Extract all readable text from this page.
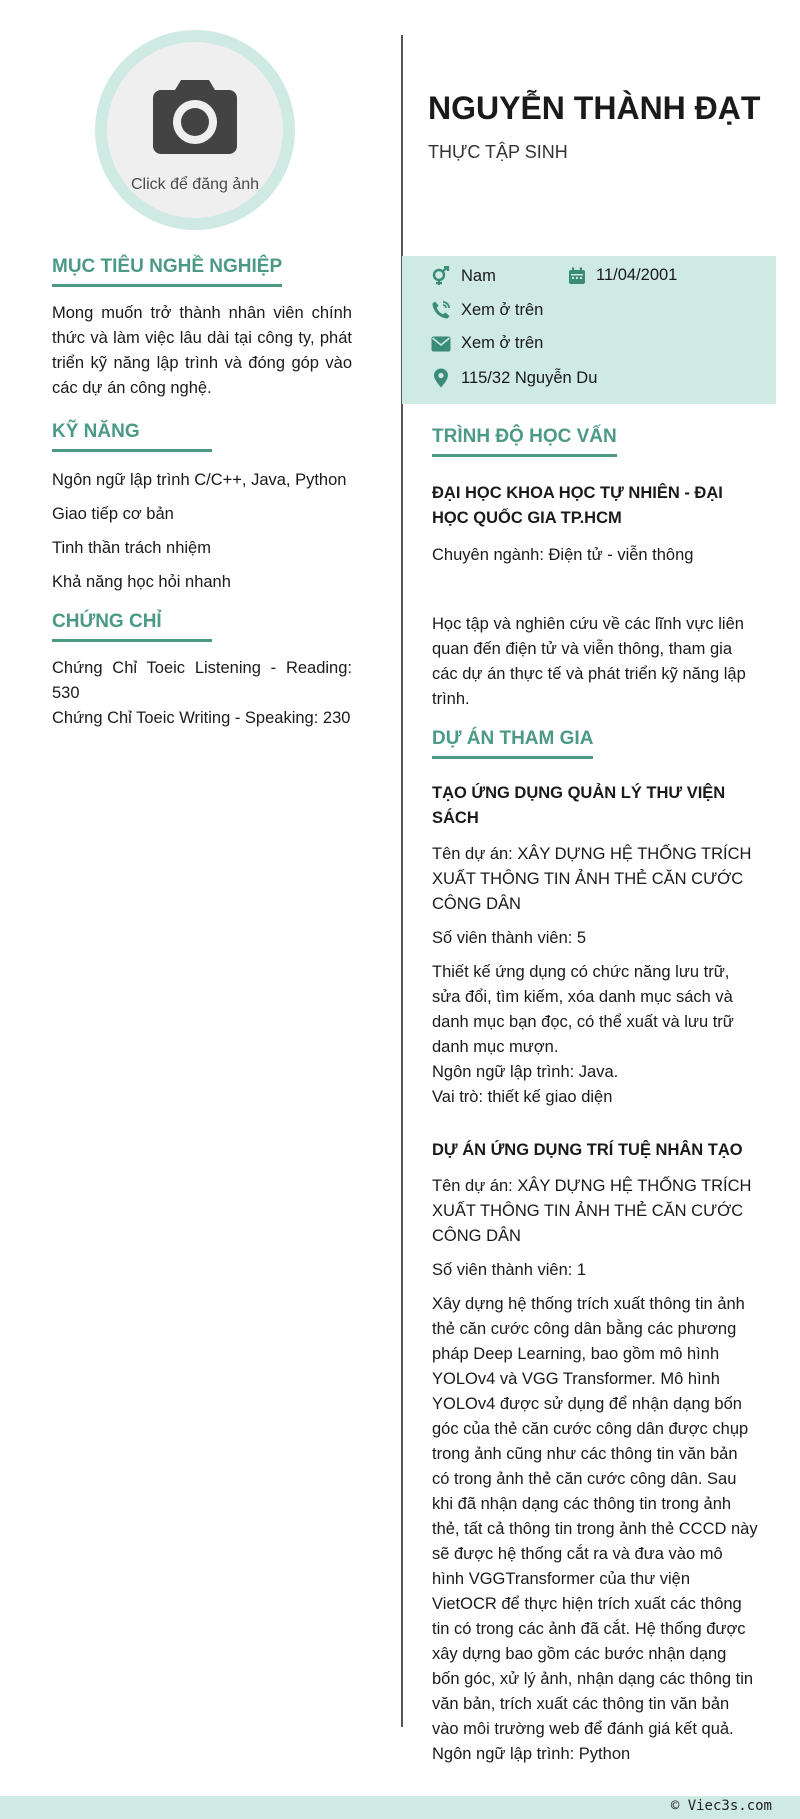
Click để đăng ảnh
MỤC TIÊU NGHỀ NGHIỆP

Mong muốn trở thành nhân viên chính thức và làm việc lâu dài tại công ty, phát triển kỹ năng lập trình và đóng góp vào các dự án công nghệ.

KỸ NĂNG

Ngôn ngữ lập trình C/C++, Java, Python

Giao tiếp cơ bản

Tinh thần trách nhiệm

Khả năng học hỏi nhanh

CHỨNG CHỈ

Chứng Chỉ Toeic Listening - Reading: 530

Chứng Chỉ Toeic Writing - Speaking: 230

NGUYỄN THÀNH ĐẠT
THỰC TẬP SINH
Nam	11/04/2001
Xem ở trên
Xem ở trên
115/32 Nguyễn Du
TRÌNH ĐỘ HỌC VẤN

ĐẠI HỌC KHOA HỌC TỰ NHIÊN - ĐẠI HỌC QUỐC GIA TP.HCM

Chuyên ngành: Điện tử - viễn thông

Học tập và nghiên cứu về các lĩnh vực liên quan đến điện tử và viễn thông, tham gia các dự án thực tế và phát triển kỹ năng lập trình.

DỰ ÁN THAM GIA

TẠO ỨNG DỤNG QUẢN LÝ THƯ VIỆN SÁCH

Tên dự án: XÂY DỰNG HỆ THỐNG TRÍCH XUẤT THÔNG TIN ẢNH THẺ CĂN CƯỚC CÔNG DÂN

Số viên thành viên: 5

Thiết kế ứng dụng có chức năng lưu trữ, sửa đổi, tìm kiếm, xóa danh mục sách và danh mục bạn đọc, có thể xuất và lưu trữ danh mục mượn.

Ngôn ngữ lập trình: Java.

Vai trò: thiết kế giao diện

DỰ ÁN ỨNG DỤNG TRÍ TUỆ NHÂN TẠO

Tên dự án: XÂY DỰNG HỆ THỐNG TRÍCH XUẤT THÔNG TIN ẢNH THẺ CĂN CƯỚC CÔNG DÂN

Số viên thành viên: 1

Xây dựng hệ thống trích xuất thông tin ảnh thẻ căn cước công dân bằng các phương pháp Deep Learning, bao gồm mô hình YOLOv4 và VGG Transformer. Mô hình YOLOv4 được sử dụng để nhận dạng bốn góc của thẻ căn cước công dân được chụp trong ảnh cũng như các thông tin văn bản có trong ảnh thẻ căn cước công dân. Sau khi đã nhận dạng các thông tin trong ảnh thẻ, tất cả thông tin trong ảnh thẻ CCCD này sẽ được hệ thống cắt ra và đưa vào mô hình VGGTransformer của thư viện VietOCR để thực hiện trích xuất các thông tin có trong các ảnh đã cắt. Hệ thống được xây dựng bao gồm các bước nhận dạng bốn góc, xử lý ảnh, nhận dạng các thông tin văn bản, trích xuất các thông tin văn bản vào môi trường web để đánh giá kết quả.

Ngôn ngữ lập trình: Python

© Viec3s.com
